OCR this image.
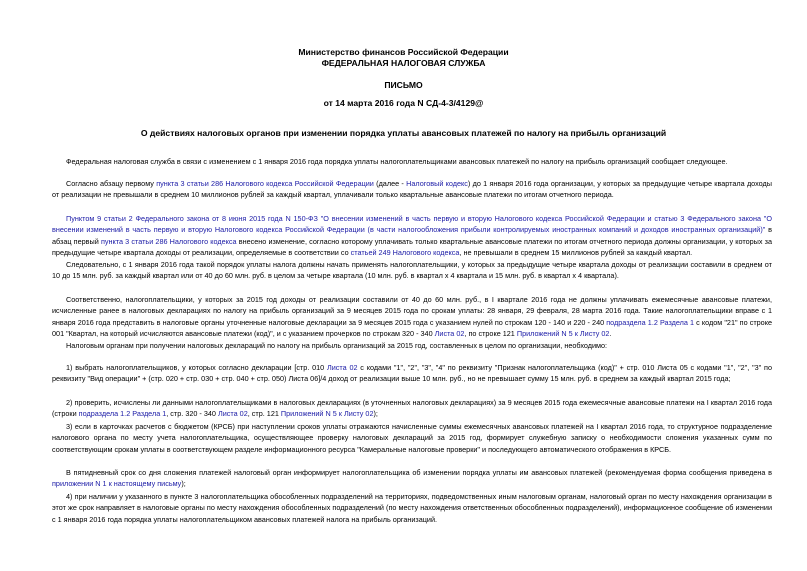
Министерство финансов Российской Федерации
ФЕДЕРАЛЬНАЯ НАЛОГОВАЯ СЛУЖБА
ПИСЬМО
от 14 марта 2016 года N СД-4-3/4129@
О действиях налоговых органов при изменении порядка уплаты авансовых платежей по налогу на прибыль организаций

Федеральная налоговая служба в связи с изменением с 1 января 2016 года порядка уплаты налогоплательщиками авансовых платежей по налогу на прибыль организаций сообщает следующее.

Согласно абзацу первому пункта 3 статьи 286 Налогового кодекса Российской Федерации (далее - Налоговый кодекс) до 1 января 2016 года организации, у которых за предыдущие четыре квартала доходы от реализации не превышали в среднем 10 миллионов рублей за каждый квартал, уплачивали только квартальные авансовые платежи по итогам отчетного периода.

Пунктом 9 статьи 2 Федерального закона от 8 июня 2015 года N 150-ФЗ "О внесении изменений в часть первую и вторую Налогового кодекса Российской Федерации и статью 3 Федерального закона "О внесении изменений в часть первую и вторую Налогового кодекса Российской Федерации (в части налогообложения прибыли контролируемых иностранных компаний и доходов иностранных организаций)" в абзац первый пункта 3 статьи 286 Налогового кодекса внесено изменение, согласно которому уплачивать только квартальные авансовые платежи по итогам отчетного периода должны организации, у которых за предыдущие четыре квартала доходы от реализации, определяемые в соответствии со статьей 249 Налогового кодекса, не превышали в среднем 15 миллионов рублей за каждый квартал.

Следовательно, с 1 января 2016 года такой порядок уплаты налога должны начать применять налогоплательщики, у которых за предыдущие четыре квартала доходы от реализации составили в среднем от 10 до 15 млн. руб. за каждый квартал или от 40 до 60 млн. руб. в целом за четыре квартала (10 млн. руб. в квартал х 4 квартала и 15 млн. руб. в квартал х 4 квартала).

Соответственно, налогоплательщики, у которых за 2015 год доходы от реализации составили от 40 до 60 млн. руб., в I квартале 2016 года не должны уплачивать ежемесячные авансовые платежи, исчисленные ранее в налоговых декларациях по налогу на прибыль организаций за 9 месяцев 2015 года по срокам уплаты: 28 января, 29 февраля, 28 марта 2016 года. Такие налогоплательщики вправе с 1 января 2016 года представить в налоговые органы уточненные налоговые декларации за 9 месяцев 2015 года с указанием нулей по строкам 120 - 140 и 220 - 240 подраздела 1.2 Раздела 1 с кодом "21" по строке 001 "Квартал, на который исчисляются авансовые платежи (код)", и с указанием прочерков по строкам 320 - 340 Листа 02, по строке 121 Приложений N 5 к Листу 02.

Налоговым органам при получении налоговых деклараций по налогу на прибыль организаций за 2015 год, составленных в целом по организации, необходимо:

1) выбрать налогоплательщиков, у которых согласно декларации [стр. 010 Листа 02 с кодами "1", "2", "3", "4" по реквизиту "Признак налогоплательщика (код)" + стр. 010 Листа 05 с кодами "1", "2", "3" по реквизиту "Вид операции" + (стр. 020 + стр. 030 + стр. 040 + стр. 050) Листа 06]/4 доход от реализации выше 10 млн. руб., но не превышает сумму 15 млн. руб. в среднем за каждый квартал 2015 года;

2) проверить, исчислены ли данными налогоплательщиками в налоговых декларациях (в уточненных налоговых декларациях) за 9 месяцев 2015 года ежемесячные авансовые платежи на I квартал 2016 года (строки подраздела 1.2 Раздела 1, стр. 320 - 340 Листа 02, стр. 121 Приложений N 5 к Листу 02);

3) если в карточках расчетов с бюджетом (КРСБ) при наступлении сроков уплаты отражаются начисленные суммы ежемесячных авансовых платежей на I квартал 2016 года, то структурное подразделение налогового органа по месту учета налогоплательщика, осуществляющее проверку налоговых деклараций за 2015 год, формирует служебную записку о необходимости сложения указанных сумм по соответствующим срокам уплаты в соответствующем разделе информационного ресурса "Камеральные налоговые проверки" и последующего автоматического отображения в КРСБ.

В пятидневный срок со дня сложения платежей налоговый орган информирует налогоплательщика об изменении порядка уплаты им авансовых платежей (рекомендуемая форма сообщения приведена в приложении N 1 к настоящему письму);

4) при наличии у указанного в пункте 3 налогоплательщика обособленных подразделений на территориях, подведомственных иным налоговым органам, налоговый орган по месту нахождения организации в этот же срок направляет в налоговые органы по месту нахождения обособленных подразделений (по месту нахождения ответственных обособленных подразделений), информационное сообщение об изменении с 1 января 2016 года порядка уплаты налогоплательщиком авансовых платежей налога на прибыль организаций.
